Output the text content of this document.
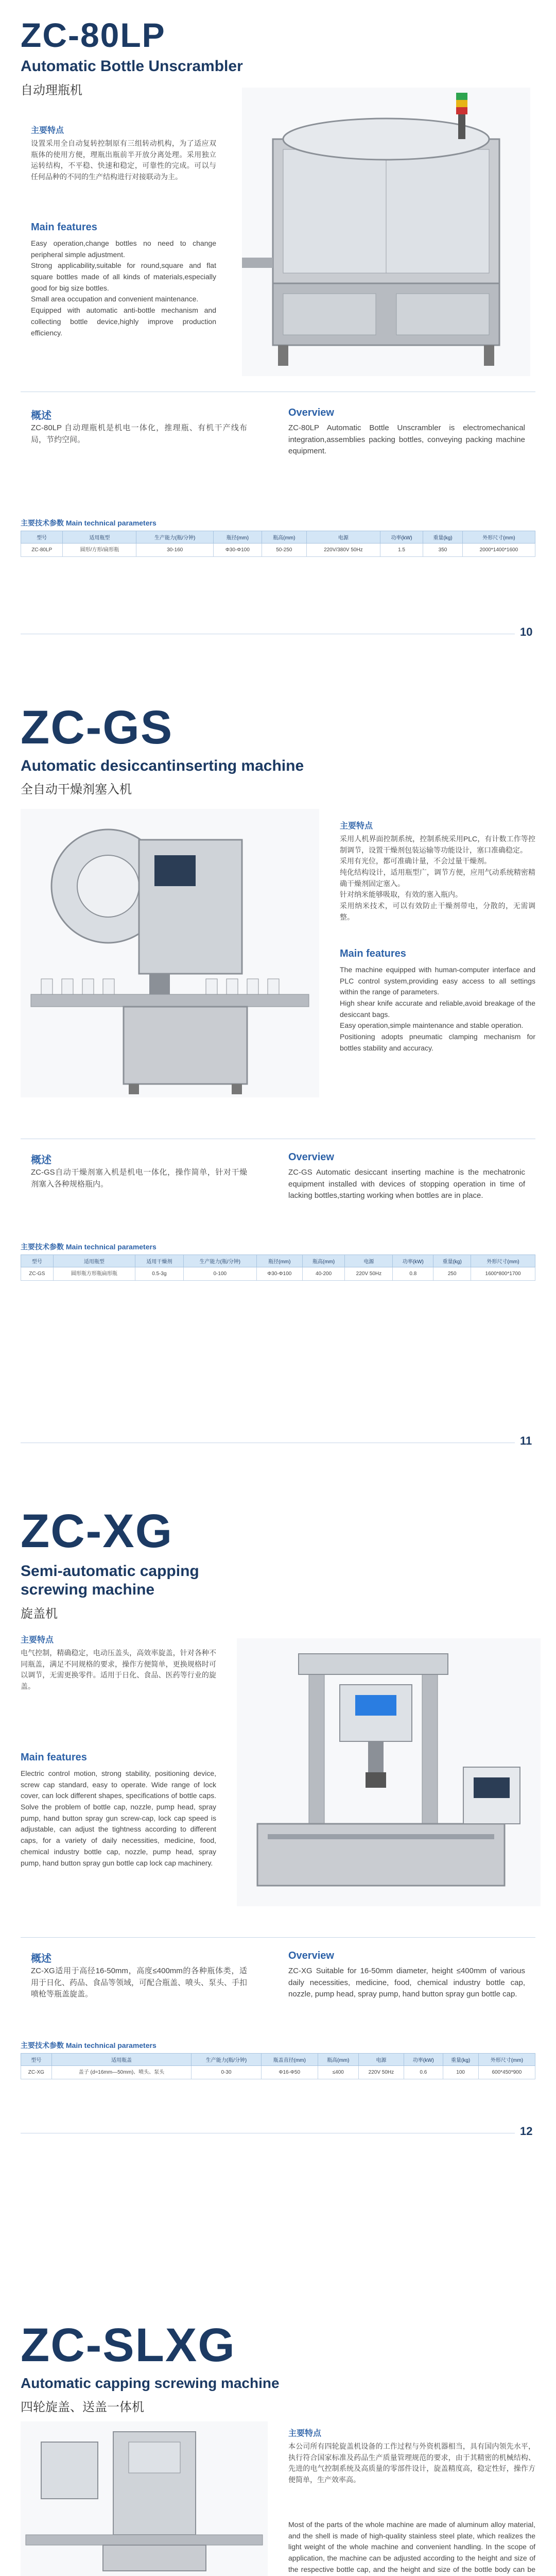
ZC-80LP
Automatic Bottle Unscrambler
自动理瓶机
主要特点
设置采用全自动复转控制原有三组转动机构，为了适应双瓶体的使用方便，理瓶出瓶前半开放分离处理。采用独立运转结构，不平稳、快速和稳定，可靠性的完成。可以与任何品种的不同的生产结构进行对接联动为主。
Main features
Easy operation,change bottles no need to change peripheral simple adjustment.
Strong applicability,suitable for round,square and flat square bottles made of all kinds of materials,especially good for big size bottles.
Small area occupation and convenient maintenance.
Equipped with automatic anti-bottle mechanism and collecting bottle device,highly improve production efficiency.
概述
ZC-80LP 自动理瓶机是机电一体化，推理瓶、有机干产线布局，节约空间。
Overview
ZC-80LP Automatic Bottle Unscrambler is electromechanical integration,assemblies packing bottles, conveying packing machine equipment.
主要技术参数 Main technical parameters
型号	适用瓶型	生产能力(瓶/分钟)	瓶径(mm)	瓶高(mm)	电源	功率(kW)	重量(kg)	外形尺寸(mm)
ZC-80LP	圆形/方形/扁形瓶	30-160	Φ30-Φ100	50-250	220V/380V 50Hz	1.5	350	2000*1400*1600
10
ZC-GS
Automatic desiccantinserting machine
全自动干燥剂塞入机
主要特点
采用人机界面控制系统，控制系统采用PLC，有计数工作等控制调节，设置干燥剂包装运输等功能设计，塞口准确稳定。
采用有光位，都可准确计量，不会过量干燥剂。
纯化结构设计，适用瓶型广，调节方便，应用气动系统精密精确干燥剂固定塞入。
针对纳米能够吸取，有效的塞入瓶内。
采用纳米技术，可以有效防止干燥剂带电，分散的，无需调整。
Main features
The machine equipped with human-computer interface and PLC control system,providing easy access to all settings within the range of parameters.
High shear knife accurate and reliable,avoid breakage of the desiccant bags.
Easy operation,simple maintenance and stable operation.
Positioning adopts pneumatic clamping mechanism for bottles stability and accuracy.
概述
ZC-GS自动干燥剂塞入机是机电一体化，操作简单，针对干燥剂塞入各种规格瓶内。
Overview
ZC-GS Automatic desiccant inserting machine is the mechatronic equipment installed with devices of stopping operation in time of lacking bottles,starting working when bottles are in place.
主要技术参数 Main technical parameters
型号	适用瓶型	适用干燥剂	生产能力(瓶/分钟)	瓶径(mm)	瓶高(mm)	电源	功率(kW)	重量(kg)	外形尺寸(mm)
ZC-GS	圆形瓶方形瓶扁形瓶	0.5-3g	0-100	Φ30-Φ100	40-200	220V 50Hz	0.8	250	1600*800*1700
11
ZC-XG
Semi-automatic capping screwing machine
旋盖机
主要特点
电气控制，精确稳定，电动压盖头，高效率旋盖，针对各种不同瓶盖，满足不同规格的要求，操作方便简单，更换规格时可以调节，无需更换零件。适用于日化、食品、医药等行业的旋盖。
Main features
Electric control motion, strong stability, positioning device, screw cap standard, easy to operate. Wide range of lock cover, can lock different shapes, specifications of bottle caps. Solve the problem of bottle cap, nozzle, pump head, spray pump, hand button spray gun screw-cap, lock cap speed is adjustable, can adjust the tightness according to different caps, for a variety of daily necessities, medicine, food, chemical industry bottle cap, nozzle, pump head, spray pump, hand button spray gun bottle cap lock cap machinery.
概述
ZC-XG适用于高径16-50mm，高度≤400mm的各种瓶体类，适用于日化、药品、食品等领域，可配合瓶盖、喷头、泵头、手扣喷枪等瓶盖旋盖。
Overview
ZC-XG Suitable for 16-50mm diameter, height ≤400mm of various daily necessities, medicine, food, chemical industry bottle cap, nozzle, pump head, spray pump, hand button spray gun bottle cap.
主要技术参数 Main technical parameters
型号	适用瓶盖	生产能力(瓶/分钟)	瓶盖直径(mm)	瓶高(mm)	电源	功率(kW)	重量(kg)	外形尺寸(mm)
ZC-XG	盖子 (d=16mm—50mm)、喷头、泵头	0-30	Φ16-Φ50	≤400	220V 50Hz	0.6	100	600*450*900
12
ZC-SLXG
Automatic capping screwing machine
四轮旋盖、送盖一体机
主要特点
本公司所有四轮旋盖机设备的工作过程与外资机器相当，具有国内领先水平，执行符合国家标准及药品生产质量管理规范的要求，由于其精密的机械结构、先进的电气控制系统及高质量的零部件设计，旋盖精度高，稳定性好，操作方便简单，生产效率高。
Most of the parts of the whole machine are made of aluminum alloy material, and the shell is made of high-quality stainless steel plate, which realizes the light weight of the whole machine and convenient handling. In the scope of application, the machine can be adjusted according to the height and size of the respective bottle cap, and the height and size of the bottle body can be
